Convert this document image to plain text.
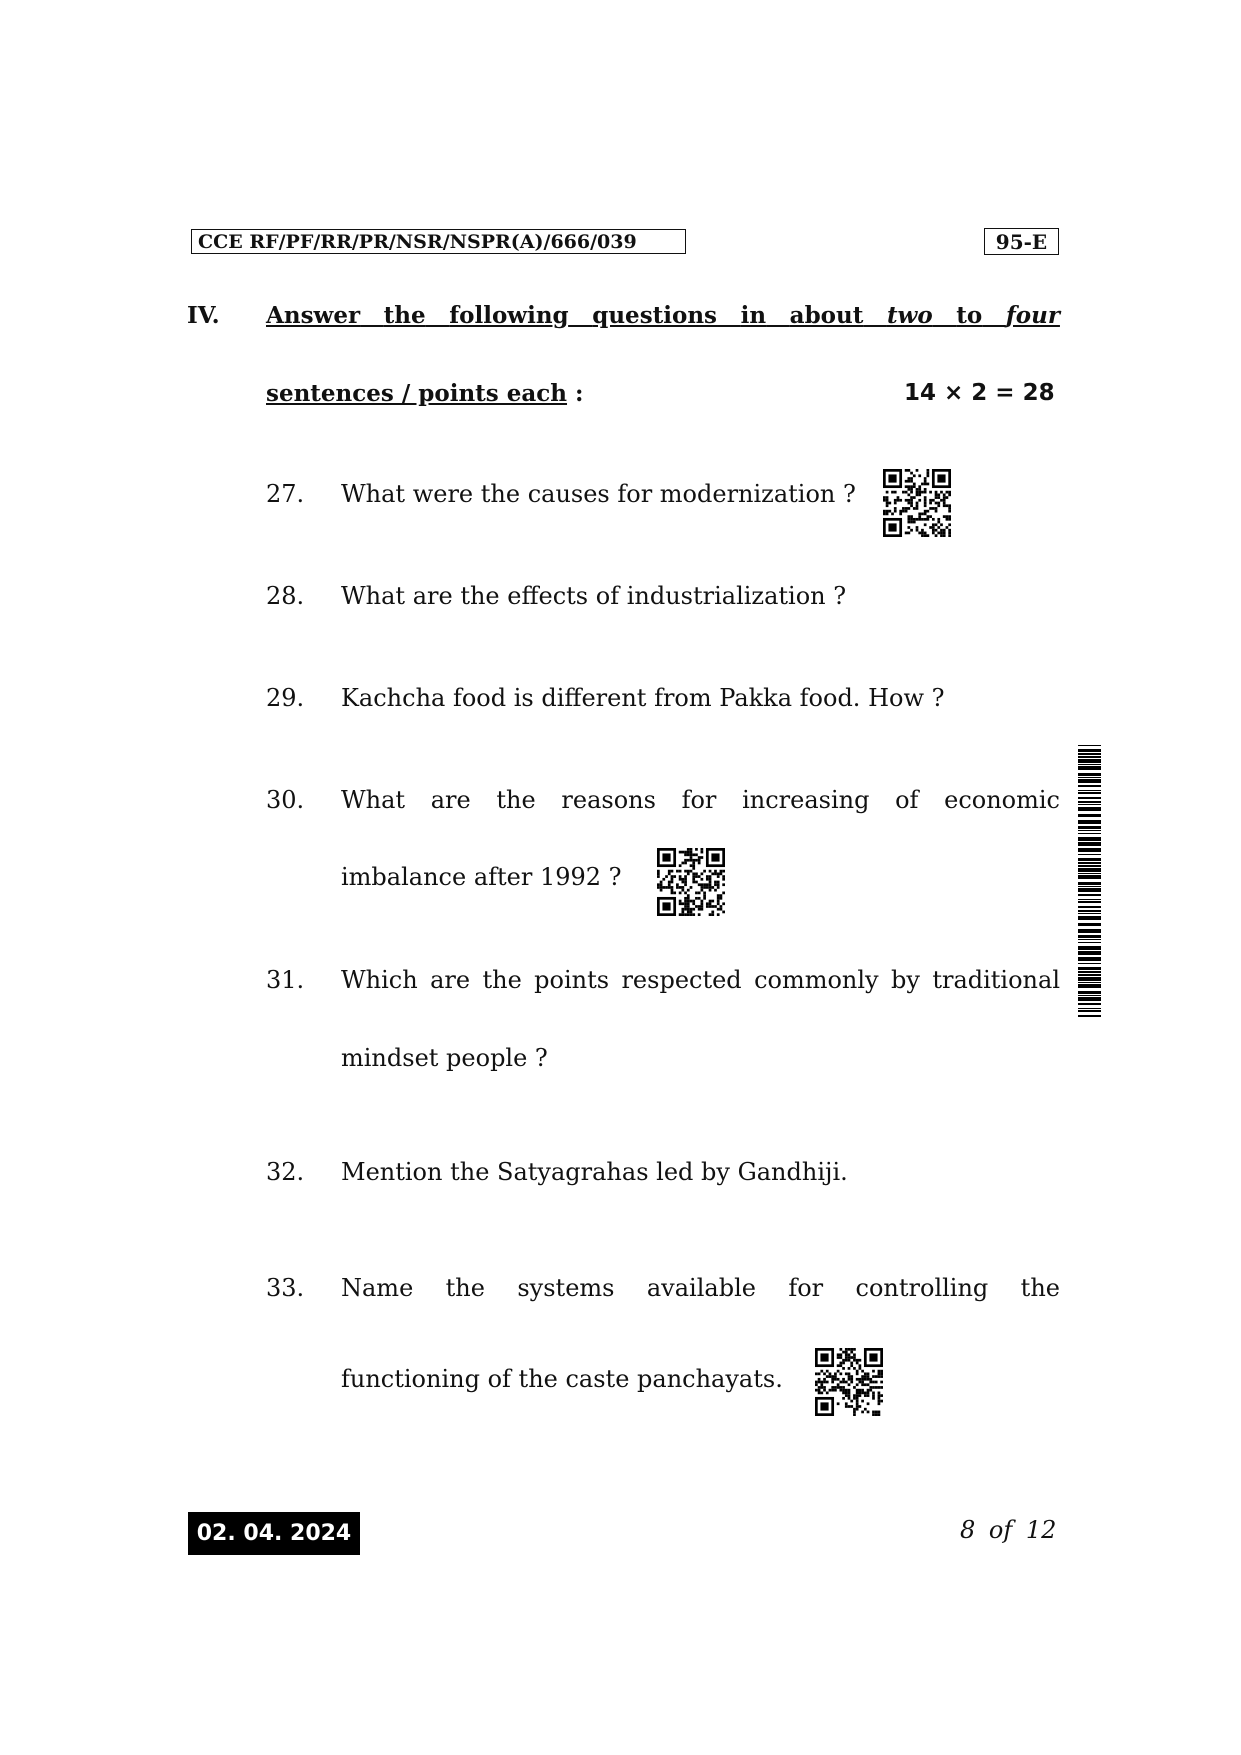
CCE RF/PF/RR/PR/NSR/NSPR(A)/666/039	95-E
IV. Answer the following questions in about two to four
sentences / points each :	14 × 2 = 28
27. What were the causes for modernization ?
28. What are the effects of industrialization ?
29. Kachcha food is different from Pakka food. How ?
30. What are the reasons for increasing of economic
imbalance after 1992 ?
31. Which are the points respected commonly by traditional
mindset people ?
32. Mention the Satyagrahas led by Gandhiji.
33. Name the systems available for controlling the
functioning of the caste panchayats.
02. 04. 2024	8 of 12
